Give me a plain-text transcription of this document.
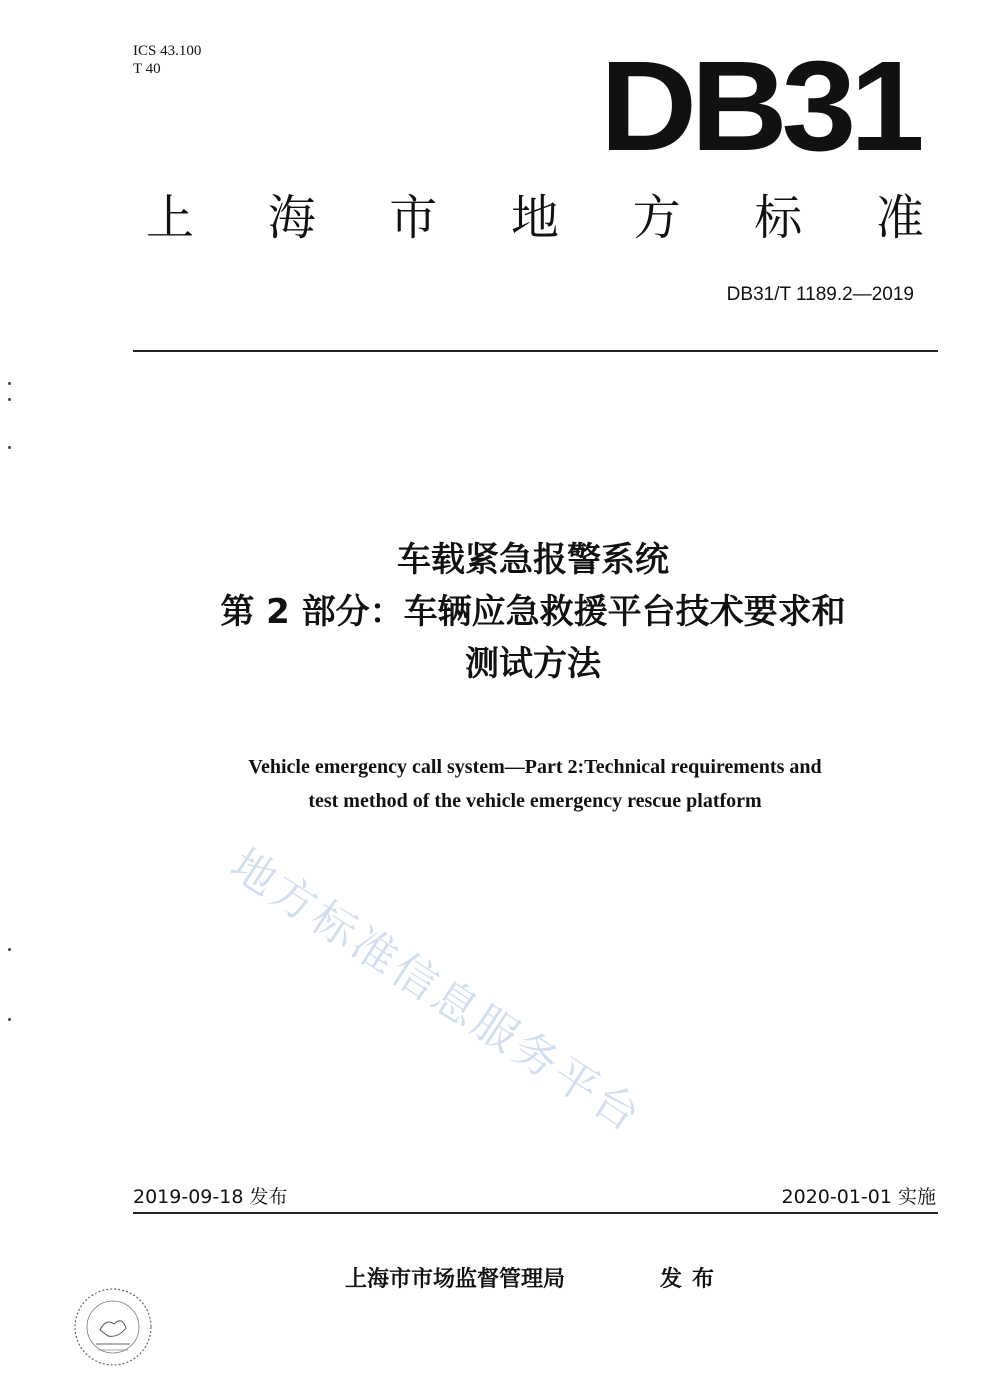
ICS 43.100
T 40	DB31
上 海 市 地 方 标 准
DB31/T 1189.2—2019
车载紧急报警系统
第 2 部分：车辆应急救援平台技术要求和
测试方法
Vehicle emergency call system—Part 2:Technical requirements and
test method of the vehicle emergency rescue platform
地方标准信息服务平台
2019-09-18 发布	2020-01-01 实施
上海市市场监督管理局	发布
